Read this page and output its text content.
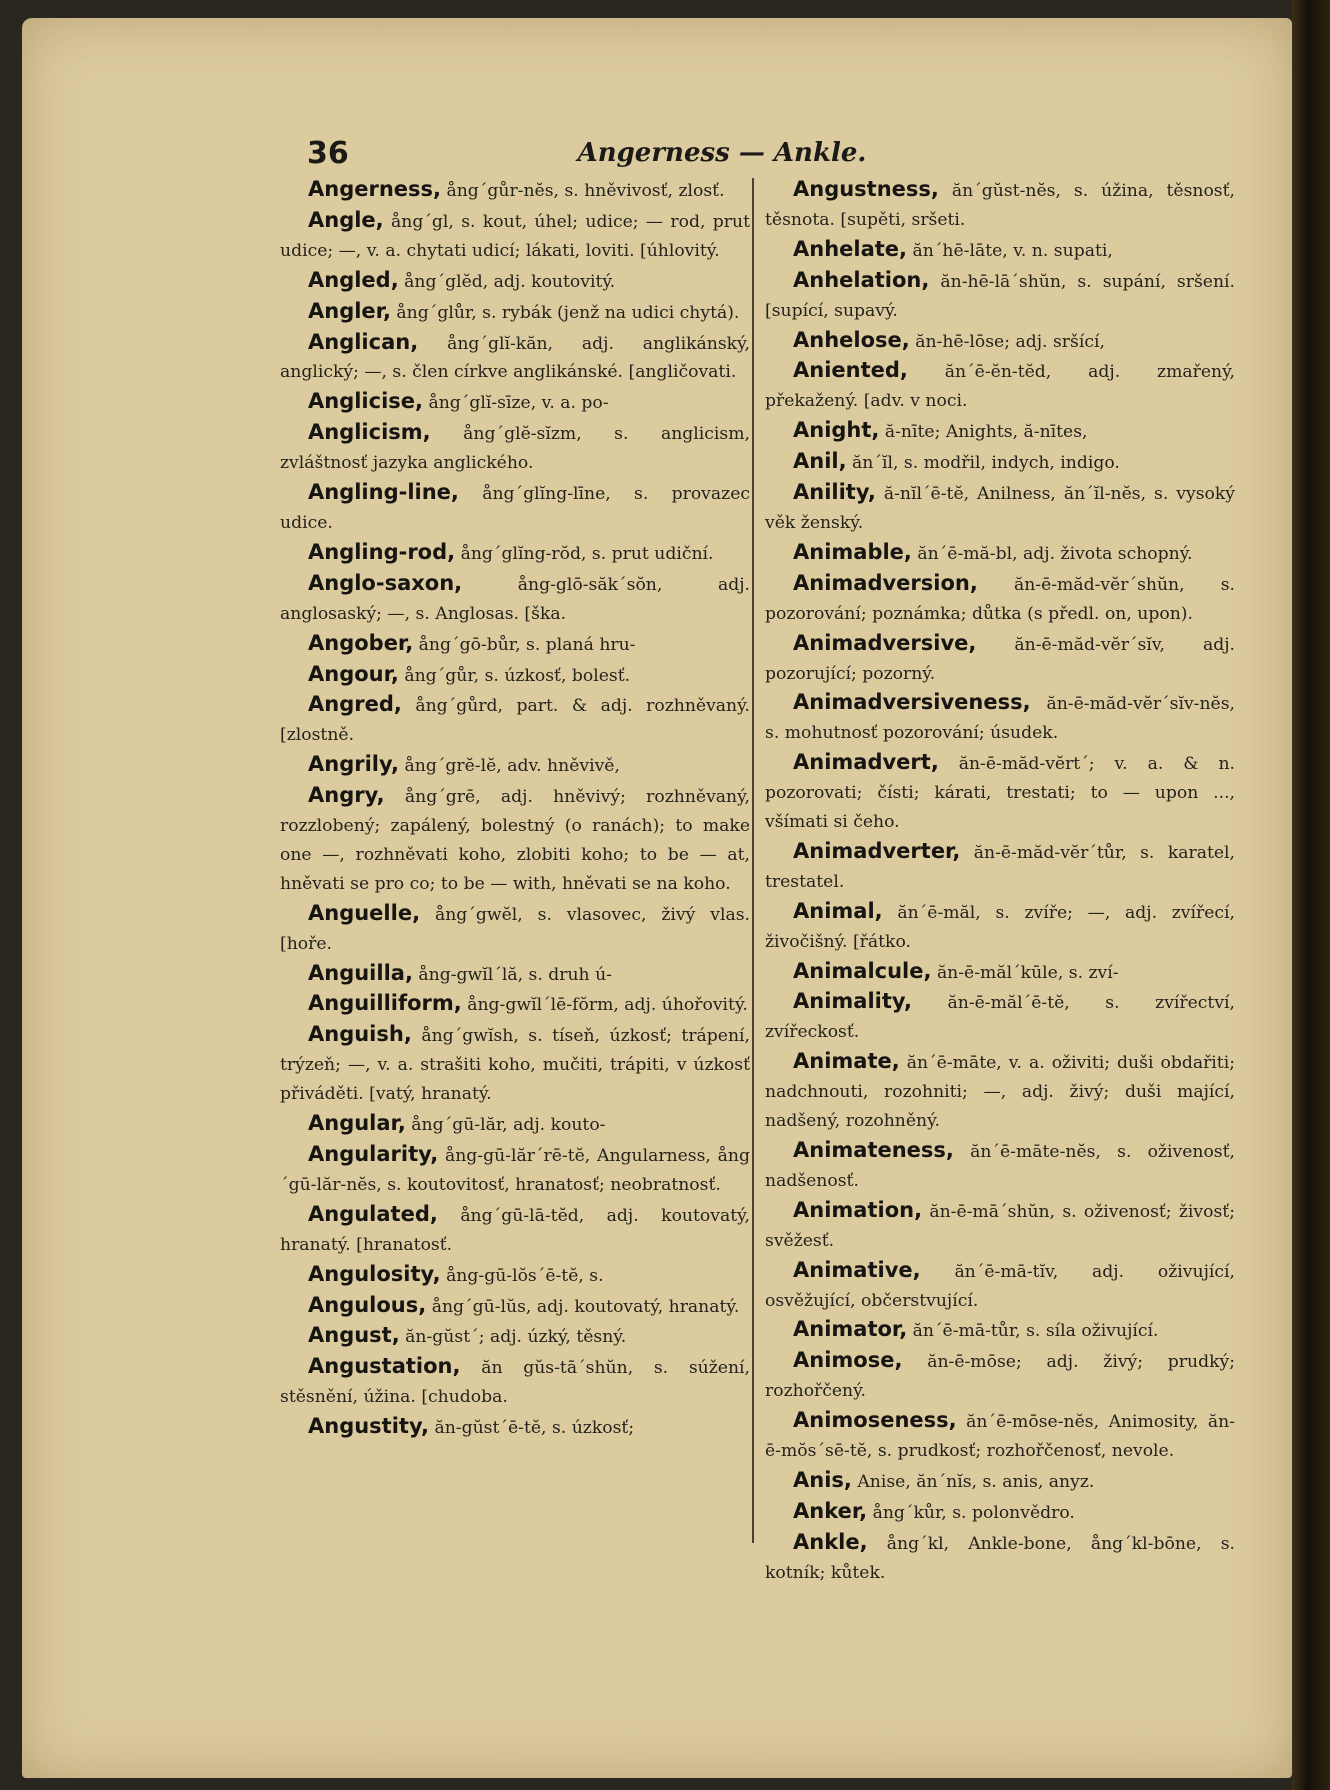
36	Angerness — Ankle.

Angerness, ång´gůr-nĕs, s. hněvivosť, zlosť.

Angle, ång´gl, s. kout, úhel; udice; — rod, prut udice; —, v. a. chytati udicí; lákati, loviti. [úhlovitý.

Angled, ång´glĕd, adj. koutovitý.

Angler, ång´glůr, s. rybák (jenž na udici chytá).

Anglican, ång´glĭ-kăn, adj. anglikánský, anglický; —, s. člen církve anglikánské. [angličovati.

Anglicise, ång´glĭ-sīze, v. a. po-

Anglicism, ång´glĕ-sĭzm, s. anglicism, zvláštnosť jazyka anglického.

Angling-line, ång´glĭng-līne, s. provazec udice.

Angling-rod, ång´glĭng-rŏd, s. prut udiční.

Anglo-saxon,	ång-glō-săk´sŏn, adj. anglosaský; —, s. Anglosas. [ška.

Angober, ång´gō-bůr, s. planá hru-

Angour, ång´gůr, s. úzkosť, bolesť.

Angred, ång´gůrd, part. & adj. rozhněvaný. [zlostně.

Angrily, ång´grĕ-lĕ, adv. hněvivě,

Angry, ång´grē, adj. hněvivý; rozhněvaný, rozzlobený; zapálený, bolestný (o ranách); to make one —, rozhněvati koho, zlobiti koho; to be — at, hněvati se pro co; to be — with, hněvati se na koho.

Anguelle, ång´gwĕl, s. vlasovec, živý vlas. [hoře.

Anguilla, ång-gwĭl´lă, s. druh ú-

Anguilliform, ång-gwĭl´lē-fŏrm, adj. úhořovitý.

Anguish, ång´gwĭsh, s. tíseň, úzkosť; trápení, trýzeň; —, v. a. strašiti koho, mučiti, trápiti, v úzkosť přiváděti. [vatý, hranatý.

Angular, ång´gū-lăr, adj. kouto-

Angularity, ång-gū-lăr´rē-tĕ, Angularness, ång´gū-lăr-nĕs, s. koutovitosť, hranatosť; neobratnosť.

Angulated, ång´gū-lā-tĕd, adj. koutovatý, hranatý. [hranatosť.

Angulosity, ång-gū-lŏs´ē-tĕ, s.

Angulous, ång´gū-lŭs, adj. koutovatý, hranatý.

Angust, ăn-gŭst´; adj. úzký, těsný.

Angustation, ăn gŭs-tā´shŭn, s. súžení, stěsnění, úžina. [chudoba.

Angustity, ăn-gŭst´ē-tĕ, s. úzkosť;

Angustness, ăn´gŭst-nĕs, s. úžina, těsnosť, těsnota. [supěti, sršeti.

Anhelate, ăn´hē-lāte, v. n. supati,

Anhelation, ăn-hē-lā´shŭn, s. supání, sršení. [supící, supavý.

Anhelose, ăn-hē-lōse; adj. sršící,

Aniented, ăn´ē-ĕn-tĕd, adj. zmařený, překažený. [adv. v noci.

Anight, ă-nīte; Anights, ă-nītes,

Anil, ăn´ĭl, s. modřil, indych, indigo.

Anility, ă-nĭl´ē-tĕ, Anilness, ăn´ĭl-nĕs, s. vysoký věk ženský.

Animable, ăn´ē-mă-bl, adj. života schopný.

Animadversion, ăn-ē-măd-vĕr´shŭn, s. pozorování; poznámka; důtka (s předl. on, upon).

Animadversive, ăn-ē-măd-vĕr´sĭv, adj. pozorující; pozorný.

Animadversiveness, ăn-ē-măd-vĕr´sĭv-nĕs, s. mohutnosť pozorování; úsudek.

Animadvert, ăn-ē-măd-vĕrt´; v. a. & n. pozorovati; čísti; kárati, trestati; to — upon ..., všímati si čeho.

Animadverter, ăn-ē-măd-vĕr´tůr, s. karatel, trestatel.

Animal, ăn´ē-măl, s. zvíře; —, adj. zvířecí, živočišný. [řátko.

Animalcule, ăn-ē-măl´kūle, s. zví-

Animality, ăn-ē-măl´ē-tĕ, s. zvířectví, zvířeckosť.

Animate, ăn´ē-māte, v. a. oživiti; duši obdařiti; nadchnouti, rozohniti; —, adj. živý; duši mající, nadšený, rozohněný.

Animateness, ăn´ē-māte-nĕs, s. oživenosť, nadšenosť.

Animation, ăn-ē-mā´shŭn, s. oživenosť; živosť; svěžesť.

Animative, ăn´ē-mā-tĭv, adj. oživující, osvěžující, občerstvující.

Animator, ăn´ē-mā-tůr, s. síla oživující.

Animose, ăn-ē-mōse; adj. živý; prudký; rozhořčený.

Animoseness, ăn´ē-mōse-nĕs, Animosity, ăn-ē-mŏs´sē-tĕ, s. prudkosť; rozhořčenosť, nevole.

Anis, Anise, ăn´nĭs, s. anis, anyz.

Anker, ång´kůr, s. polonvědro.

Ankle, ång´kl, Ankle-bone, ång´kl-bōne, s. kotník; kůtek.
